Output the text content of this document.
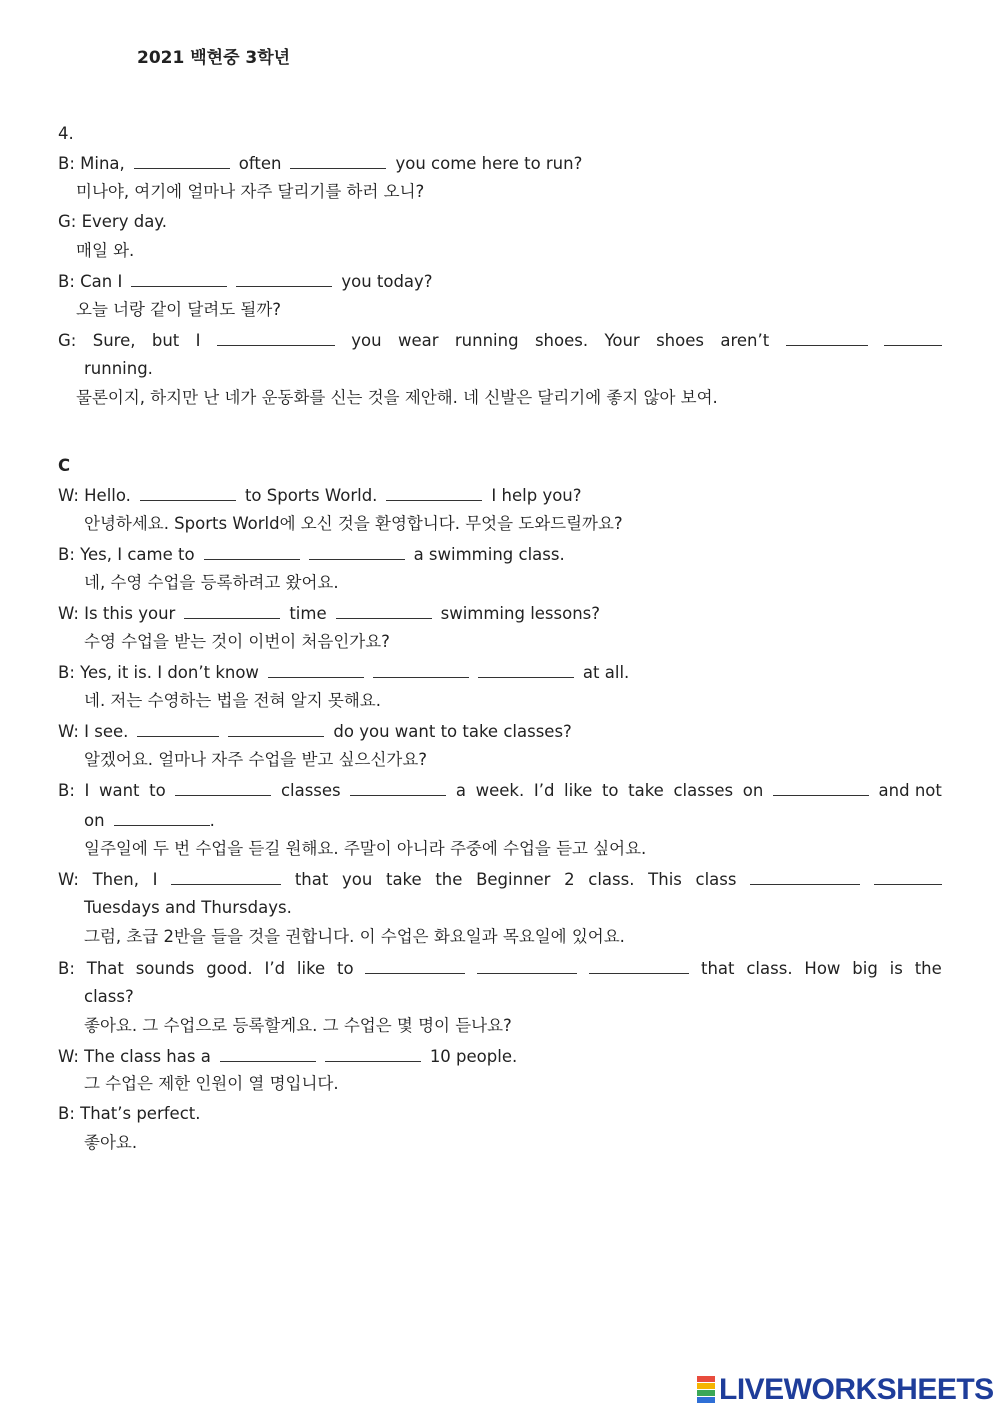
2021 백현중 3학년
4.
B: Mina,	often	you come here to run?
미나야, 여기에 얼마나 자주 달리기를 하러 오니?
G: Every day.
매일 와.
B: Can I	you today?
오늘 너랑 같이 달려도 될까?
G: Sure, but I	you wear running shoes. Your shoes aren’t
running.
물론이지, 하지만 난 네가 운동화를 신는 것을 제안해. 네 신발은 달리기에 좋지 않아 보여.
C
W: Hello.	to Sports World.	I help you?
안녕하세요. Sports World에 오신 것을 환영합니다. 무엇을 도와드릴까요?
B: Yes, I came to	a swimming class.
네, 수영 수업을 등록하려고 왔어요.
W: Is this your	time	swimming lessons?
수영 수업을 받는 것이 이번이 처음인가요?
B: Yes, it is. I don’t know	at all.
네. 저는 수영하는 법을 전혀 알지 못해요.
W: I see.	do you want to take classes?
알겠어요. 얼마나 자주 수업을 받고 싶으신가요?
B: I want to	classes	a week. I’d like to take classes on	and not
on	.
일주일에 두 번 수업을 듣길 원해요. 주말이 아니라 주중에 수업을 듣고 싶어요.
W: Then, I	that you take the Beginner 2 class. This class
Tuesdays and Thursdays.
그럼, 초급 2반을 들을 것을 권합니다. 이 수업은 화요일과 목요일에 있어요.
B: That sounds good. I’d like to	that class. How big is the
class?
좋아요. 그 수업으로 등록할게요. 그 수업은 몇 명이 듣나요?
W: The class has a	10 people.
그 수업은 제한 인원이 열 명입니다.
B: That’s perfect.
좋아요.
LIVEWORKSHEETS
